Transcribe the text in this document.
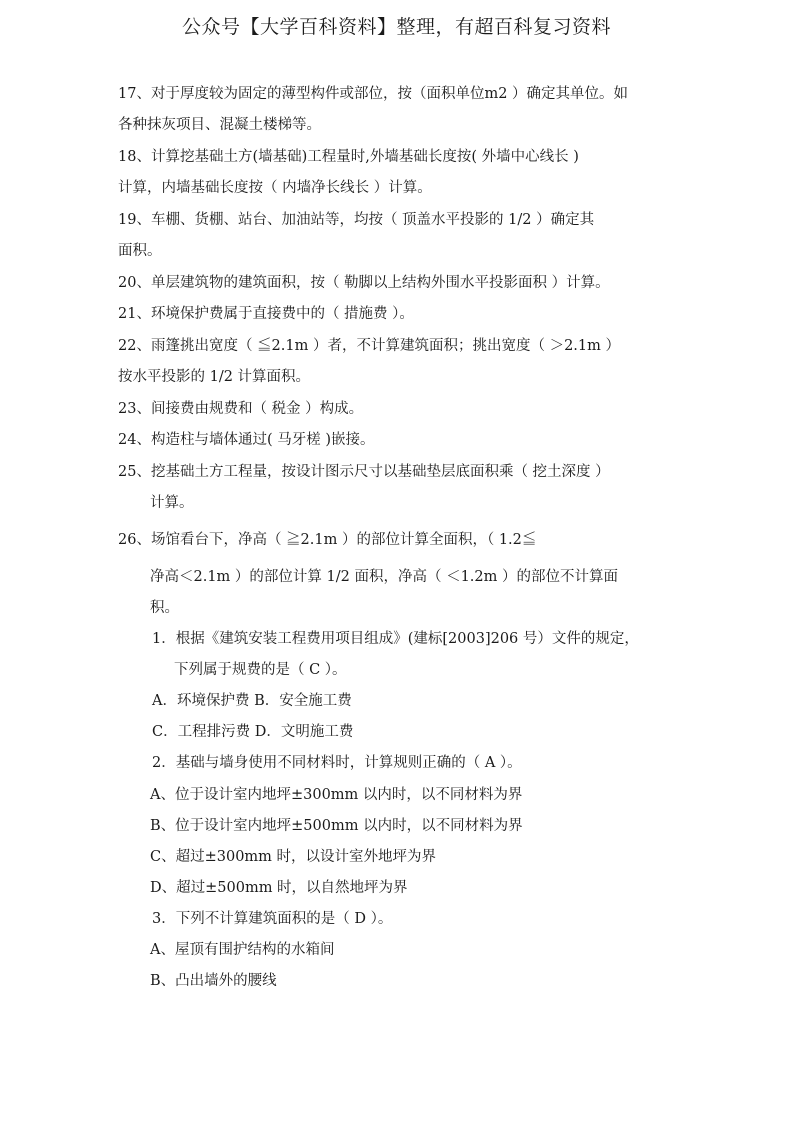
公众号【大学百科资料】整理，有超百科复习资料
17、对于厚度较为固定的薄型构件或部位，按（面积单位m2 ）确定其单位。如
各种抹灰项目、混凝土楼梯等。
18、计算挖基础土方(墙基础)工程量时,外墙基础长度按( 外墙中心线长 )
计算，内墙基础长度按（ 内墙净长线长 ）计算。
19、车棚、货棚、站台、加油站等，均按（ 顶盖水平投影的 1/2 ）确定其
面积。
20、单层建筑物的建筑面积，按（ 勒脚以上结构外围水平投影面积 ）计算。
21、环境保护费属于直接费中的（ 措施费 ）。
22、雨篷挑出宽度（ ≦2.1m ）者，不计算建筑面积；挑出宽度（ ＞2.1m ）
按水平投影的 1/2 计算面积。
23、间接费由规费和（ 税金 ）构成。
24、构造柱与墙体通过( 马牙槎 )嵌接。
25、挖基础土方工程量，按设计图示尺寸以基础垫层底面积乘（ 挖土深度 ）
计算。
26、场馆看台下，净高（ ≧2.1m ）的部位计算全面积，（ 1.2≦
净高＜2.1m ）的部位计算 1/2 面积，净高（ ＜1.2m ）的部位不计算面
积。
1．根据《建筑安装工程费用项目组成》(建标[2003]206 号）文件的规定，
下列属于规费的是（ C ）。
A．环境保护费 B．安全施工费
C．工程排污费 D．文明施工费
2．基础与墙身使用不同材料时，计算规则正确的（ A ）。
A、位于设计室内地坪±300mm 以内时，以不同材料为界
B、位于设计室内地坪±500mm 以内时，以不同材料为界
C、超过±300mm 时，以设计室外地坪为界
D、超过±500mm 时，以自然地坪为界
3．下列不计算建筑面积的是（ D ）。
A、屋顶有围护结构的水箱间
B、凸出墙外的腰线
